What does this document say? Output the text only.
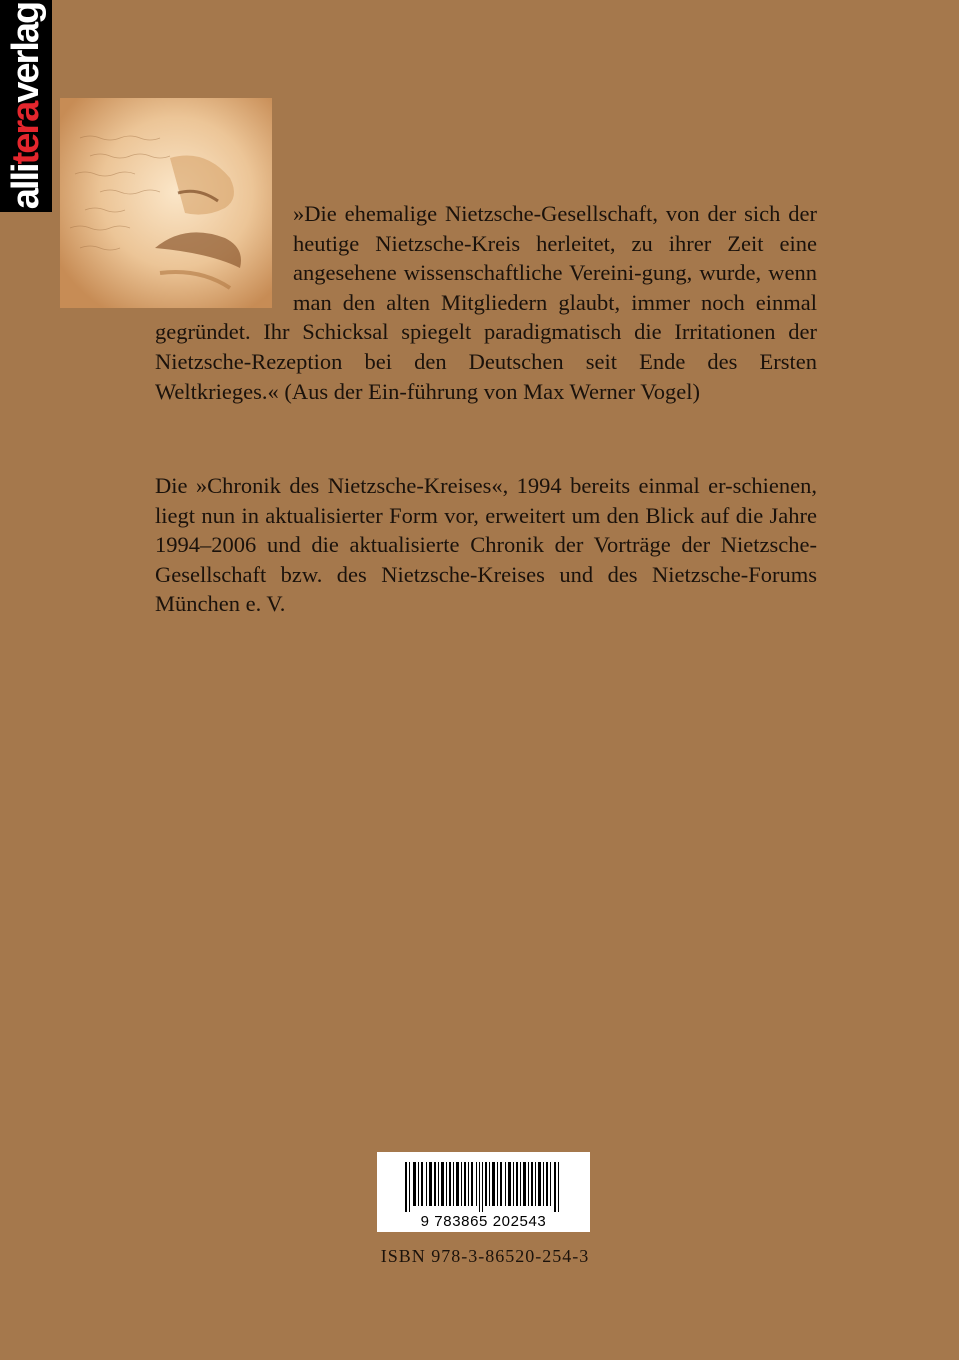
alliteraverlag

»Die ehemalige Nietzsche-Gesellschaft, von der sich der heutige Nietzsche-Kreis herleitet, zu ihrer Zeit eine angesehene wissenschaftliche Vereini-gung, wurde, wenn man den alten Mitgliedern glaubt, immer noch einmal gegründet. Ihr Schicksal spiegelt paradigmatisch die Irritationen der Nietzsche-Rezeption bei den Deutschen seit Ende des Ersten Weltkrieges.« (Aus der Ein-führung von Max Werner Vogel)

Die »Chronik des Nietzsche-Kreises«, 1994 bereits einmal er-schienen, liegt nun in aktualisierter Form vor, erweitert um den Blick auf die Jahre 1994–2006 und die aktualisierte Chronik der Vorträge der Nietzsche-Gesellschaft bzw. des Nietzsche-Kreises und des Nietzsche-Forums München e. V.

9 783865 202543
ISBN 978-3-86520-254-3
